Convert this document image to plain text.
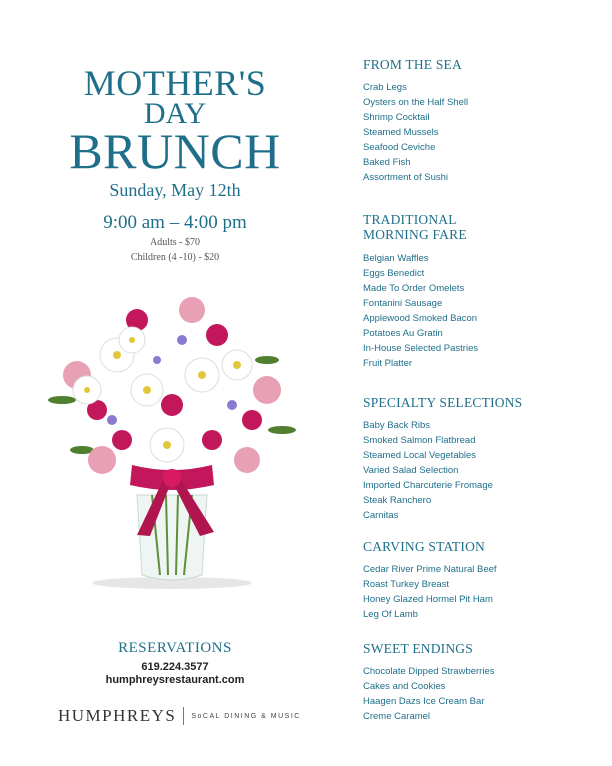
MOTHER'S
DAY
BRUNCH
Sunday, May 12th
9:00 am – 4:00 pm
Adults - $70
Children (4 -10) - $20
RESERVATIONS
619.224.3577
humphreysrestaurant.com
HUMPHREYS SoCAL DINING & MUSIC
FROM THE SEA
Crab Legs
Oysters on the Half Shell
Shrimp Cocktail
Steamed Mussels
Seafood Ceviche
Baked Fish
Assortment of Sushi
TRADITIONAL MORNING FARE
Belgian Waffles
Eggs Benedict
Made To Order Omelets
Fontanini Sausage
Applewood Smoked Bacon
Potatoes Au Gratin
In-House Selected Pastries
Fruit Platter
SPECIALTY SELECTIONS
Baby Back Ribs
Smoked Salmon Flatbread
Steamed Local Vegetables
Varied Salad Selection
Imported Charcuterie Fromage
Steak Ranchero
Carnitas
CARVING STATION
Cedar River Prime Natural Beef
Roast Turkey Breast
Honey Glazed Hormel Pit Ham
Leg Of Lamb
SWEET ENDINGS
Chocolate Dipped Strawberries
Cakes and Cookies
Haagen Dazs Ice Cream Bar
Creme Caramel
